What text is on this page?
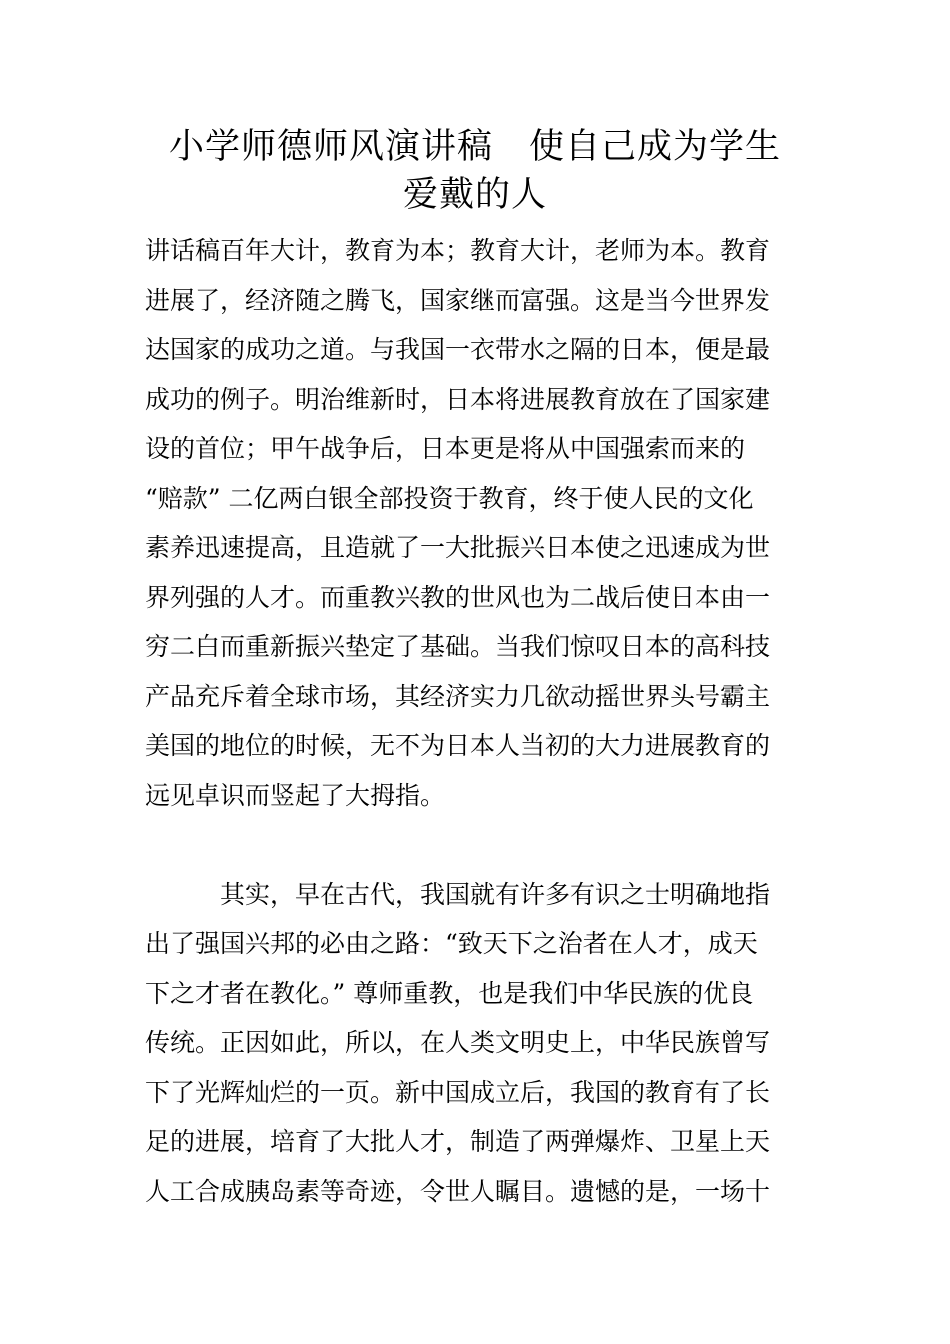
小学师德师风演讲稿　使自己成为学生
爱戴的人
讲话稿百年大计，教育为本；教育大计，老师为本。教育
进展了，经济随之腾飞，国家继而富强。这是当今世界发
达国家的成功之道。与我国一衣带水之隔的日本，便是最
成功的例子。明治维新时，日本将进展教育放在了国家建
设的首位；甲午战争后，日本更是将从中国强索而来的
“赔款” 二亿两白银全部投资于教育，终于使人民的文化
素养迅速提高，且造就了一大批振兴日本使之迅速成为世
界列强的人才。而重教兴教的世风也为二战后使日本由一
穷二白而重新振兴垫定了基础。当我们惊叹日本的高科技
产品充斥着全球市场，其经济实力几欲动摇世界头号霸主
美国的地位的时候，无不为日本人当初的大力进展教育的
远见卓识而竖起了大拇指。
　　　其实，早在古代，我国就有许多有识之士明确地指
出了强国兴邦的必由之路：“致天下之治者在人才，成天
下之才者在教化。” 尊师重教，也是我们中华民族的优良
传统。正因如此，所以，在人类文明史上，中华民族曾写
下了光辉灿烂的一页。新中国成立后，我国的教育有了长
足的进展，培育了大批人才，制造了两弹爆炸、卫星上天
人工合成胰岛素等奇迹，令世人瞩目。遗憾的是，一场十
